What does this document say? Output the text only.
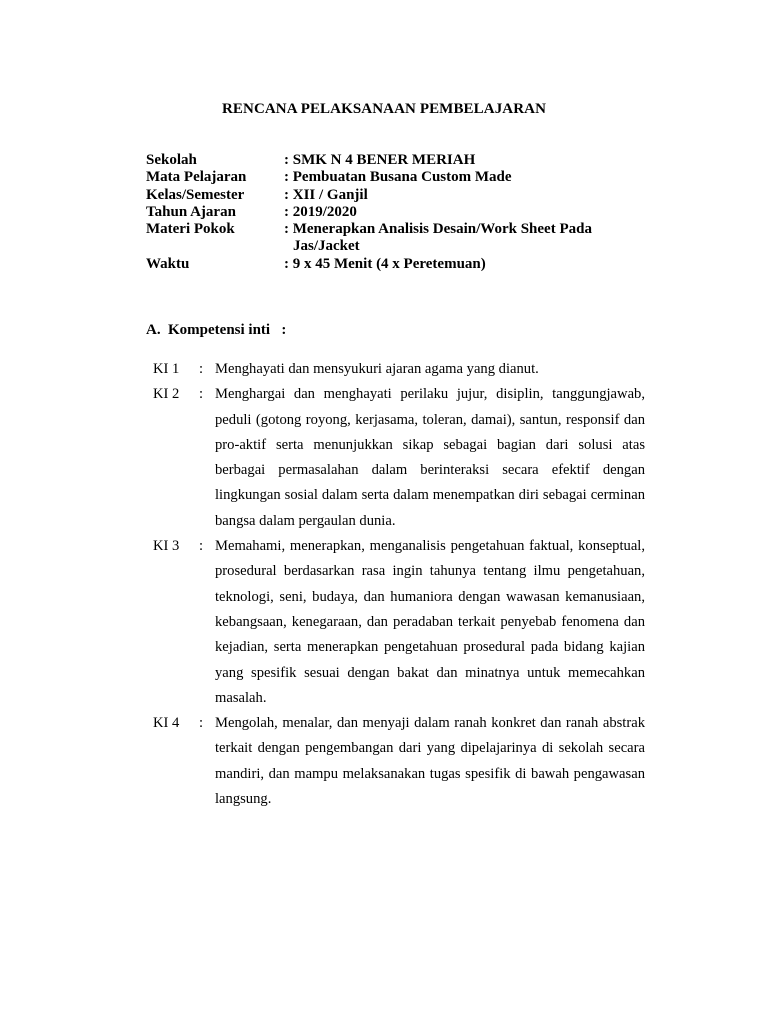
RENCANA PELAKSANAAN PEMBELAJARAN
Sekolah	: SMK N 4 BENER MERIAH
Mata Pelajaran	: Pembuatan Busana Custom Made
Kelas/Semester	: XII / Ganjil
Tahun Ajaran	: 2019/2020
Materi Pokok	: Menerapkan Analisis Desain/Work Sheet Pada
Jas/Jacket
Waktu	: 9 x 45 Menit (4 x Peretemuan)
A. Kompetensi inti :
KI 1	: Menghayati dan mensyukuri ajaran agama yang dianut.
KI 2	: Menghargai dan menghayati perilaku jujur, disiplin, tanggungjawab, peduli (gotong royong, kerjasama, toleran, damai), santun, responsif dan pro-aktif serta menunjukkan sikap sebagai bagian dari solusi atas berbagai permasalahan dalam berinteraksi secara efektif dengan lingkungan sosial dalam serta dalam menempatkan diri sebagai cerminan bangsa dalam pergaulan dunia.
KI 3	: Memahami, menerapkan, menganalisis pengetahuan faktual, konseptual, prosedural berdasarkan rasa ingin tahunya tentang ilmu pengetahuan, teknologi, seni, budaya, dan humaniora dengan wawasan kemanusiaan, kebangsaan, kenegaraan, dan peradaban terkait penyebab fenomena dan kejadian, serta menerapkan pengetahuan prosedural pada bidang kajian yang spesifik sesuai dengan bakat dan minatnya untuk memecahkan masalah.
KI 4	: Mengolah, menalar, dan menyaji dalam ranah konkret dan ranah abstrak terkait dengan pengembangan dari yang dipelajarinya di sekolah secara mandiri, dan mampu melaksanakan tugas spesifik di bawah pengawasan langsung.
